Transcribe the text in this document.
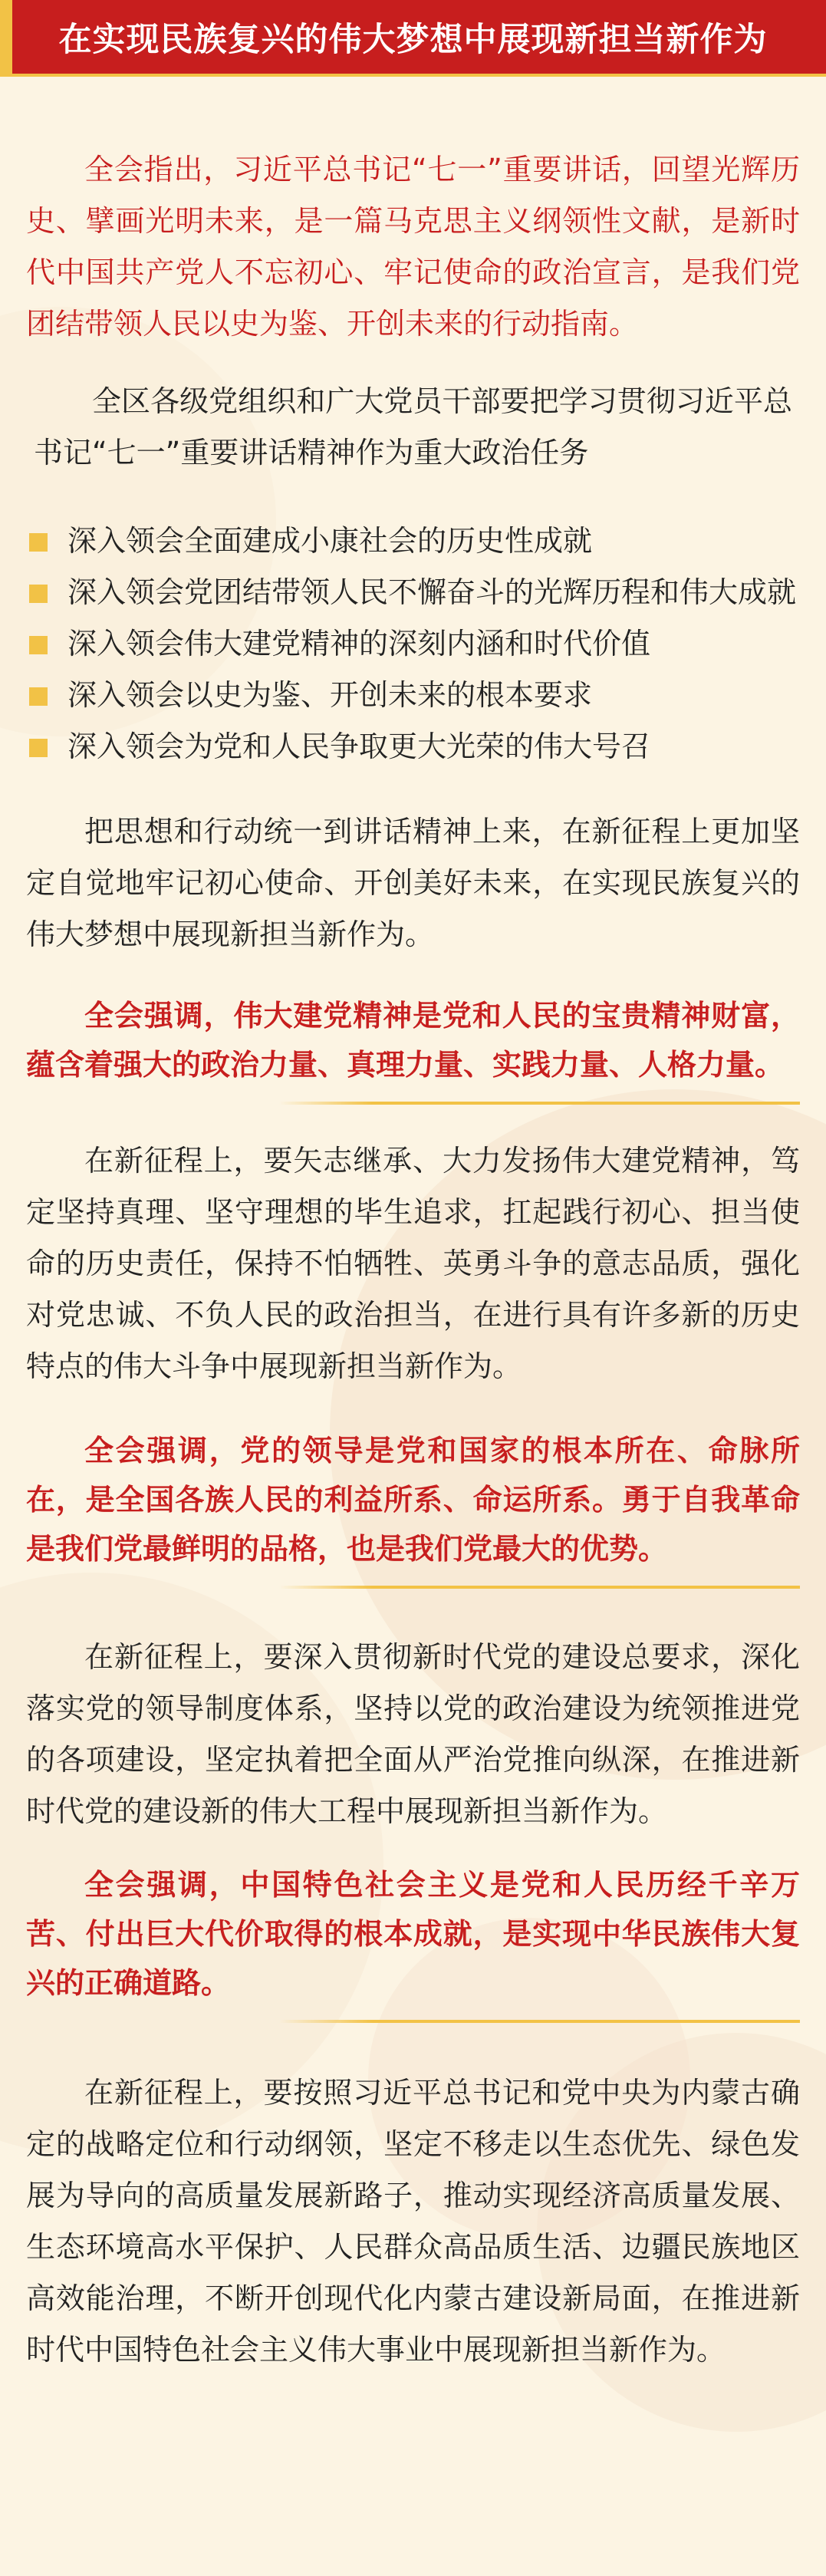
在实现民族复兴的伟大梦想中展现新担当新作为

全会指出，习近平总书记“七一”重要讲话，回望光辉历史、擘画光明未来，是一篇马克思主义纲领性文献，是新时代中国共产党人不忘初心、牢记使命的政治宣言，是我们党团结带领人民以史为鉴、开创未来的行动指南。

全区各级党组织和广大党员干部要把学习贯彻习近平总书记“七一”重要讲话精神作为重大政治任务

深入领会全面建成小康社会的历史性成就
深入领会党团结带领人民不懈奋斗的光辉历程和伟大成就
深入领会伟大建党精神的深刻内涵和时代价值
深入领会以史为鉴、开创未来的根本要求
深入领会为党和人民争取更大光荣的伟大号召

把思想和行动统一到讲话精神上来，在新征程上更加坚定自觉地牢记初心使命、开创美好未来，在实现民族复兴的伟大梦想中展现新担当新作为。

全会强调，伟大建党精神是党和人民的宝贵精神财富，蕴含着强大的政治力量、真理力量、实践力量、人格力量。

在新征程上，要矢志继承、大力发扬伟大建党精神，笃定坚持真理、坚守理想的毕生追求，扛起践行初心、担当使命的历史责任，保持不怕牺牲、英勇斗争的意志品质，强化对党忠诚、不负人民的政治担当，在进行具有许多新的历史特点的伟大斗争中展现新担当新作为。

全会强调，党的领导是党和国家的根本所在、命脉所在，是全国各族人民的利益所系、命运所系。勇于自我革命是我们党最鲜明的品格，也是我们党最大的优势。

在新征程上，要深入贯彻新时代党的建设总要求，深化落实党的领导制度体系，坚持以党的政治建设为统领推进党的各项建设，坚定执着把全面从严治党推向纵深，在推进新时代党的建设新的伟大工程中展现新担当新作为。

全会强调，中国特色社会主义是党和人民历经千辛万苦、付出巨大代价取得的根本成就，是实现中华民族伟大复兴的正确道路。

在新征程上，要按照习近平总书记和党中央为内蒙古确定的战略定位和行动纲领，坚定不移走以生态优先、绿色发展为导向的高质量发展新路子，推动实现经济高质量发展、生态环境高水平保护、人民群众高品质生活、边疆民族地区高效能治理，不断开创现代化内蒙古建设新局面，在推进新时代中国特色社会主义伟大事业中展现新担当新作为。
